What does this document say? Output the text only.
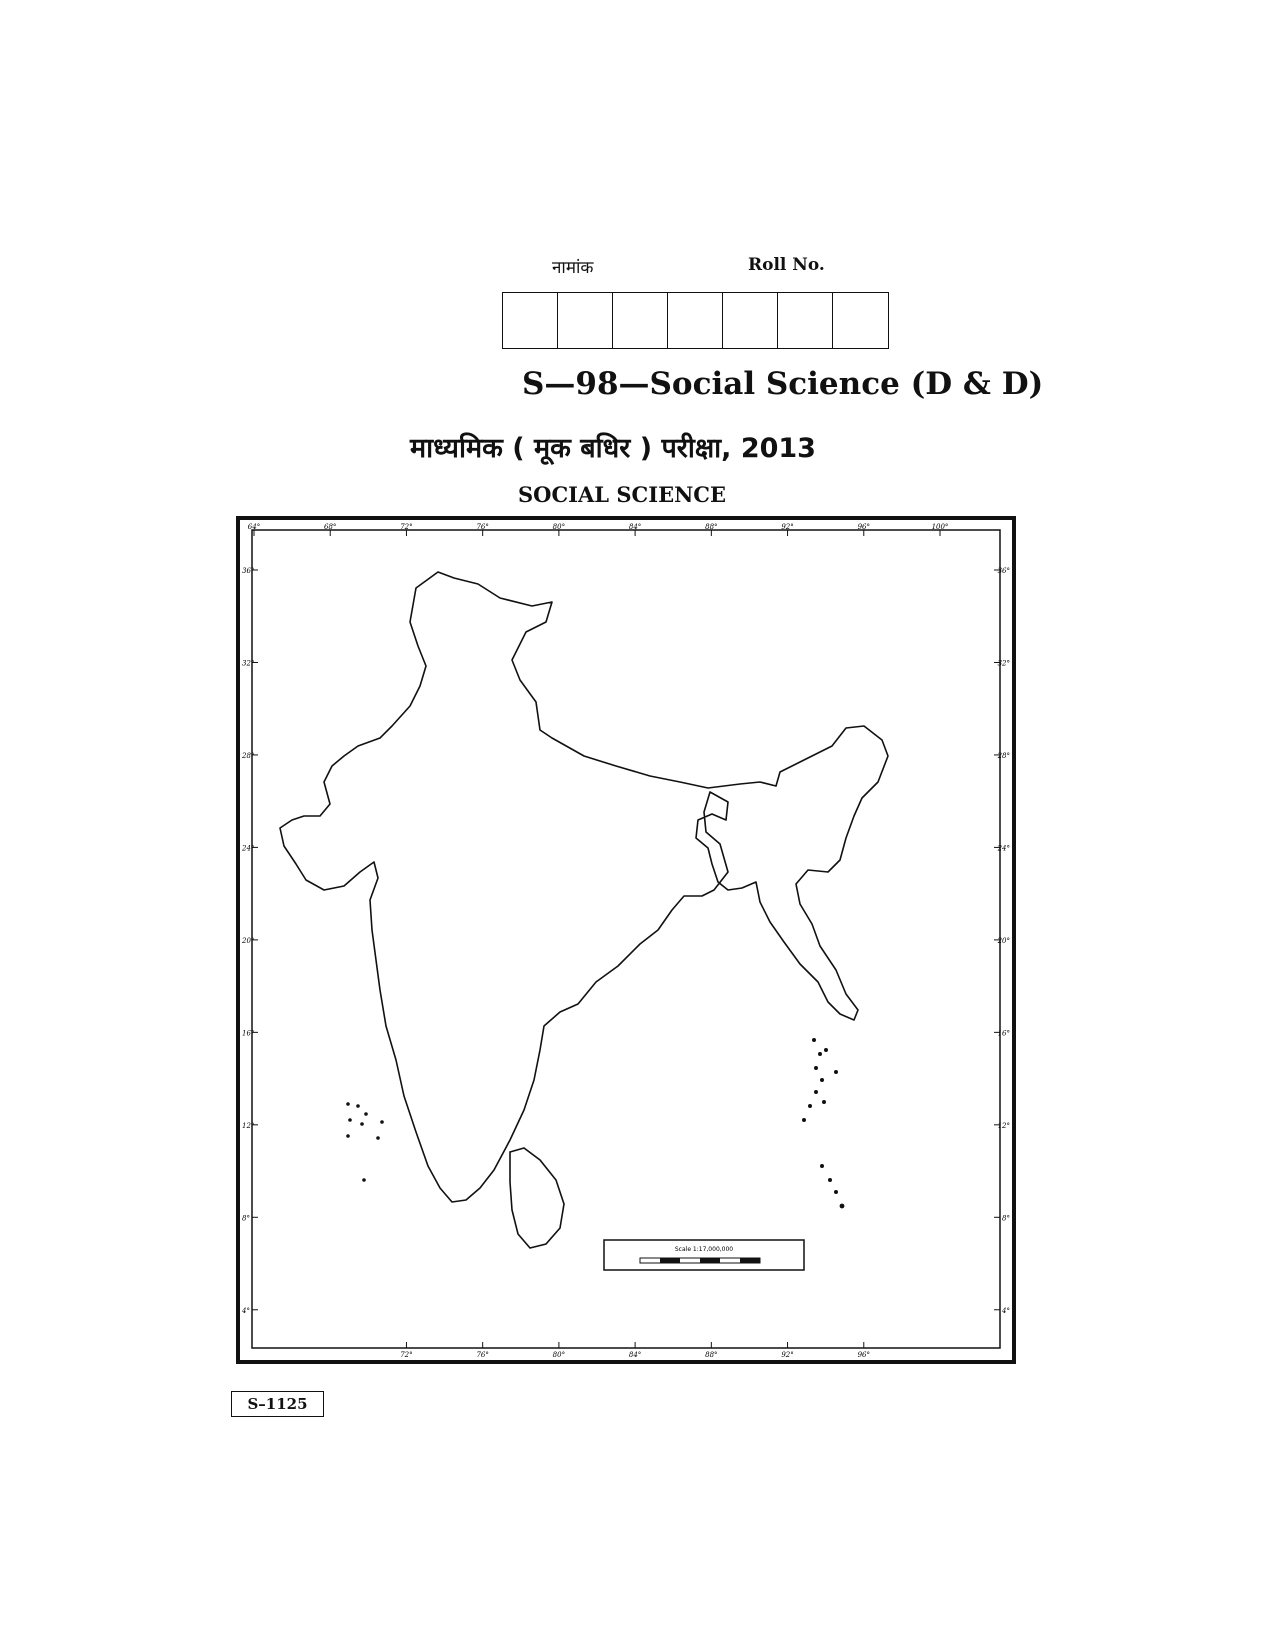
नामांक	Roll No.
S—98—Social Science (D & D)
माध्यमिक ( मूक बधिर ) परीक्षा, 2013
SOCIAL SCIENCE
64°	68°	72°	76°	80°	84°	88°	92°	96°	100°
72°	76°	80°	84°	88°	92°	96°
36°
32°
28°
24°
20°
16°
12°
8°
4°
36°
32°
28°
24°
20°
16°
12°
8°
4°
Scale 1:17,000,000
S–1125
